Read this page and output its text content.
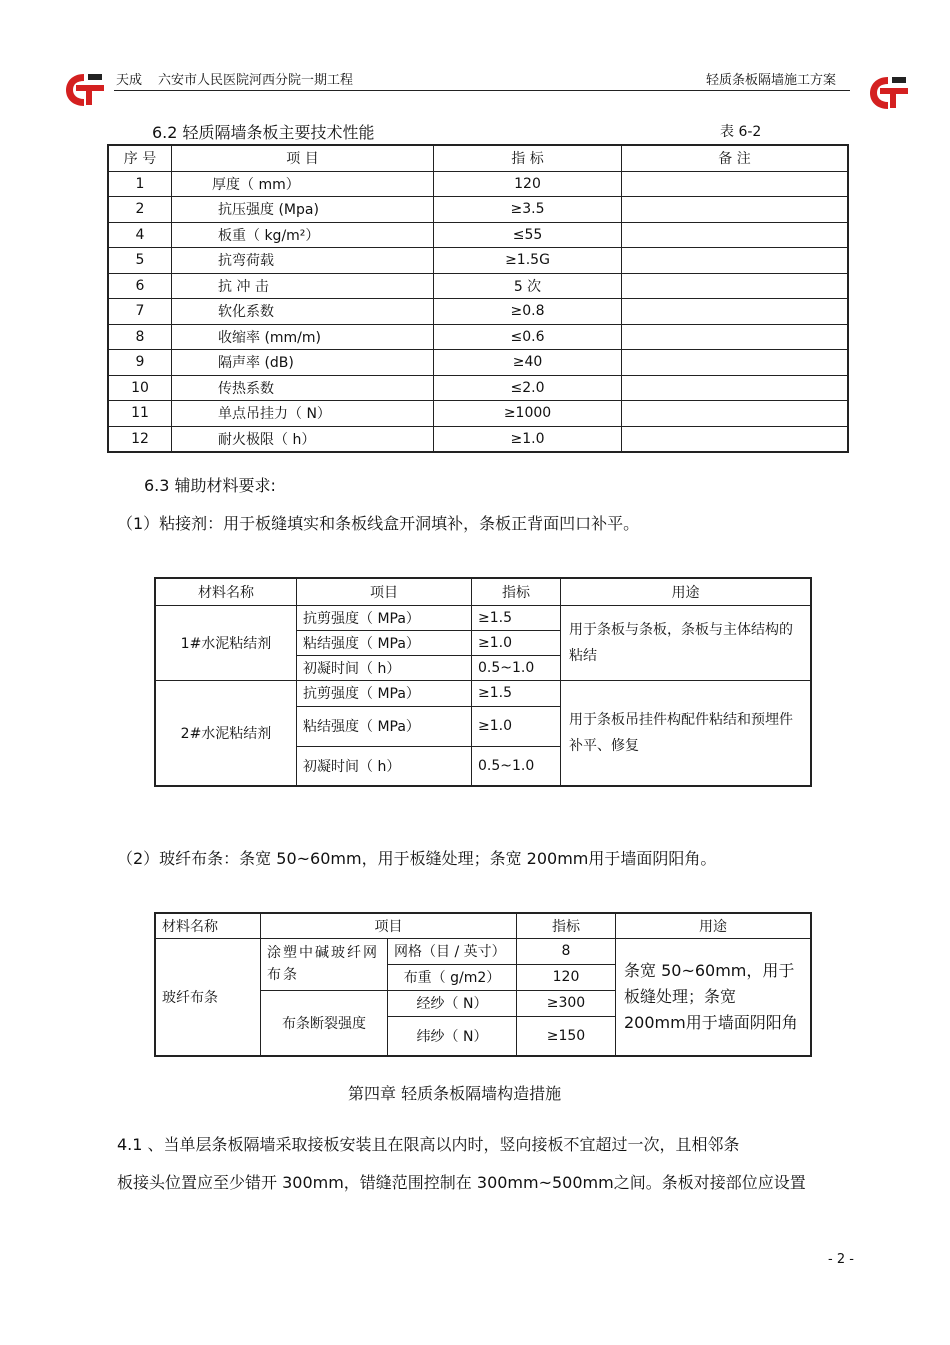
天成 六安市人民医院河西分院一期工程	轻质条板隔墙施工方案
6.2 轻质隔墙条板主要技术性能	表 6-2
序 号	项 目	指 标	备 注
1	厚度（ mm）	120	
2	抗压强度 (Mpa)	≥3.5	
4	板重（ kg/m²）	≤55	
5	抗弯荷载	≥1.5G	
6	抗 冲 击	5 次	
7	软化系数	≥0.8	
8	收缩率 (mm/m)	≤0.6	
9	隔声率 (dB)	≥40	
10	传热系数	≤2.0	
11	单点吊挂力（ N）	≥1000	
12	耐火极限（ h）	≥1.0	
6.3 辅助材料要求:
（1）粘接剂：用于板缝填实和条板线盒开洞填补，条板正背面凹口补平。
材料名称	项目	指标	用途
1#水泥粘结剂	抗剪强度（ MPa）	≥1.5	用于条板与条板，条板与主体结构的粘结
	粘结强度（ MPa）	≥1.0	
	初凝时间（ h）	0.5~1.0	
2#水泥粘结剂	抗剪强度（ MPa）	≥1.5	用于条板吊挂件构配件粘结和预埋件补平、修复
	粘结强度（ MPa）	≥1.0	
	初凝时间（ h）	0.5~1.0	
（2）玻纤布条：条宽 50~60mm，用于板缝处理；条宽 200mm用于墙面阴阳角。
材料名称	项目		指标	用途
玻纤布条	涂塑中碱玻纤网布条	网格（目 / 英寸）	8	条宽 50~60mm，用于板缝处理；条宽 200mm用于墙面阴阳角
		布重（ g/m2）	120	
	布条断裂强度	经纱（ N）	≥300	
		纬纱（ N）	≥150	
第四章 轻质条板隔墙构造措施
4.1 、当单层条板隔墙采取接板安装且在限高以内时，竖向接板不宜超过一次，且相邻条
板接头位置应至少错开 300mm，错缝范围控制在 300mm~500mm之间。条板对接部位应设置
- 2 -
